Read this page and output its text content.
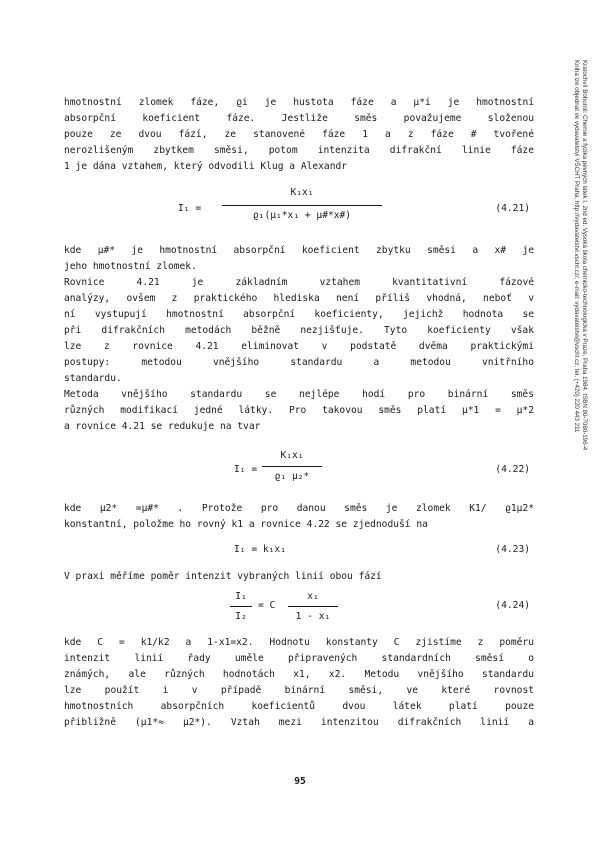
Kratochvíl Bohumil: Chemie a fyzika pevných látek I, 2nd ed. Vysoká škola chemicko-technologická v Praze, Praha 1984, ISBN 80-7080-196-4
Kniha lze objednat ve vydavatelství VŠCHT Praha, http://vydavatelstvi.vscht.cz/, e-mail: vydavatelstvi@vscht.cz, tel. (+420) 220 443 211
hmotnostní zlomek fáze, ϱi je hustota fáze a μ*i je hmotnostní
absorpční koeficient fáze. Jestliže směs považujeme složenou
pouze ze dvou fází, ze stanovené fáze 1 a z fáze # tvořené
nerozlišeným zbytkem směsi, potom intenzita difrakční linie fáze
1 je dána vztahem, který odvodili Klug a Alexandr
I₁ =
K₁x₁
ϱ₁(μ₁*x₁ + μ#*x#)
(4.21)
kde μ#* je hmotnostní absorpční koeficient zbytku směsi a x# je
jeho hmotnostní zlomek.
Rovnice 4.21 je základním vztahem kvantitativní fázové
analýzy, ovšem z praktického hlediska není příliš vhodná, neboť v
ní vystupují hmotnostní absorpční koeficienty, jejichž hodnota se
při difrakčních metodách běžně nezjišťuje. Tyto koeficienty však
lze z rovnice 4.21 eliminovat v podstatě dvěma praktickými
postupy: metodou vnějšího standardu a metodou vnitřního
standardu.
Metoda vnějšího standardu se nejlépe hodí pro binární směs
různých modifikací jedné látky. Pro takovou směs platí μ*1 = μ*2
a rovnice 4.21 se redukuje na tvar
I₁ =
K₁x₁
ϱ₁ μ₂*
(4.22)
kde μ2* =μ#* . Protože pro danou směs je zlomek K1/ ϱ1μ2*
konstantní, položme ho rovný k1 a rovnice 4.22 se zjednoduší na
I₁ = k₁x₁	(4.23)
V praxi měříme poměr intenzit vybraných linií obou fází
I₁
I₂
= C
x₁
1 - x₁
(4.24)
kde C = k1/k2 a 1-x1=x2. Hodnotu konstanty C zjistíme z poměru
intenzit linií řady uměle připravených standardních směsí o
známých, ale různých hodnotách x1, x2. Metodu vnějšího standardu
lze použít i v případě binární směsi, ve které rovnost
hmotnostních absorpčních koeficientů dvou látek platí pouze
přibližně (μ1*≈ μ2*). Vztah mezi intenzitou difrakčních linií a
95
